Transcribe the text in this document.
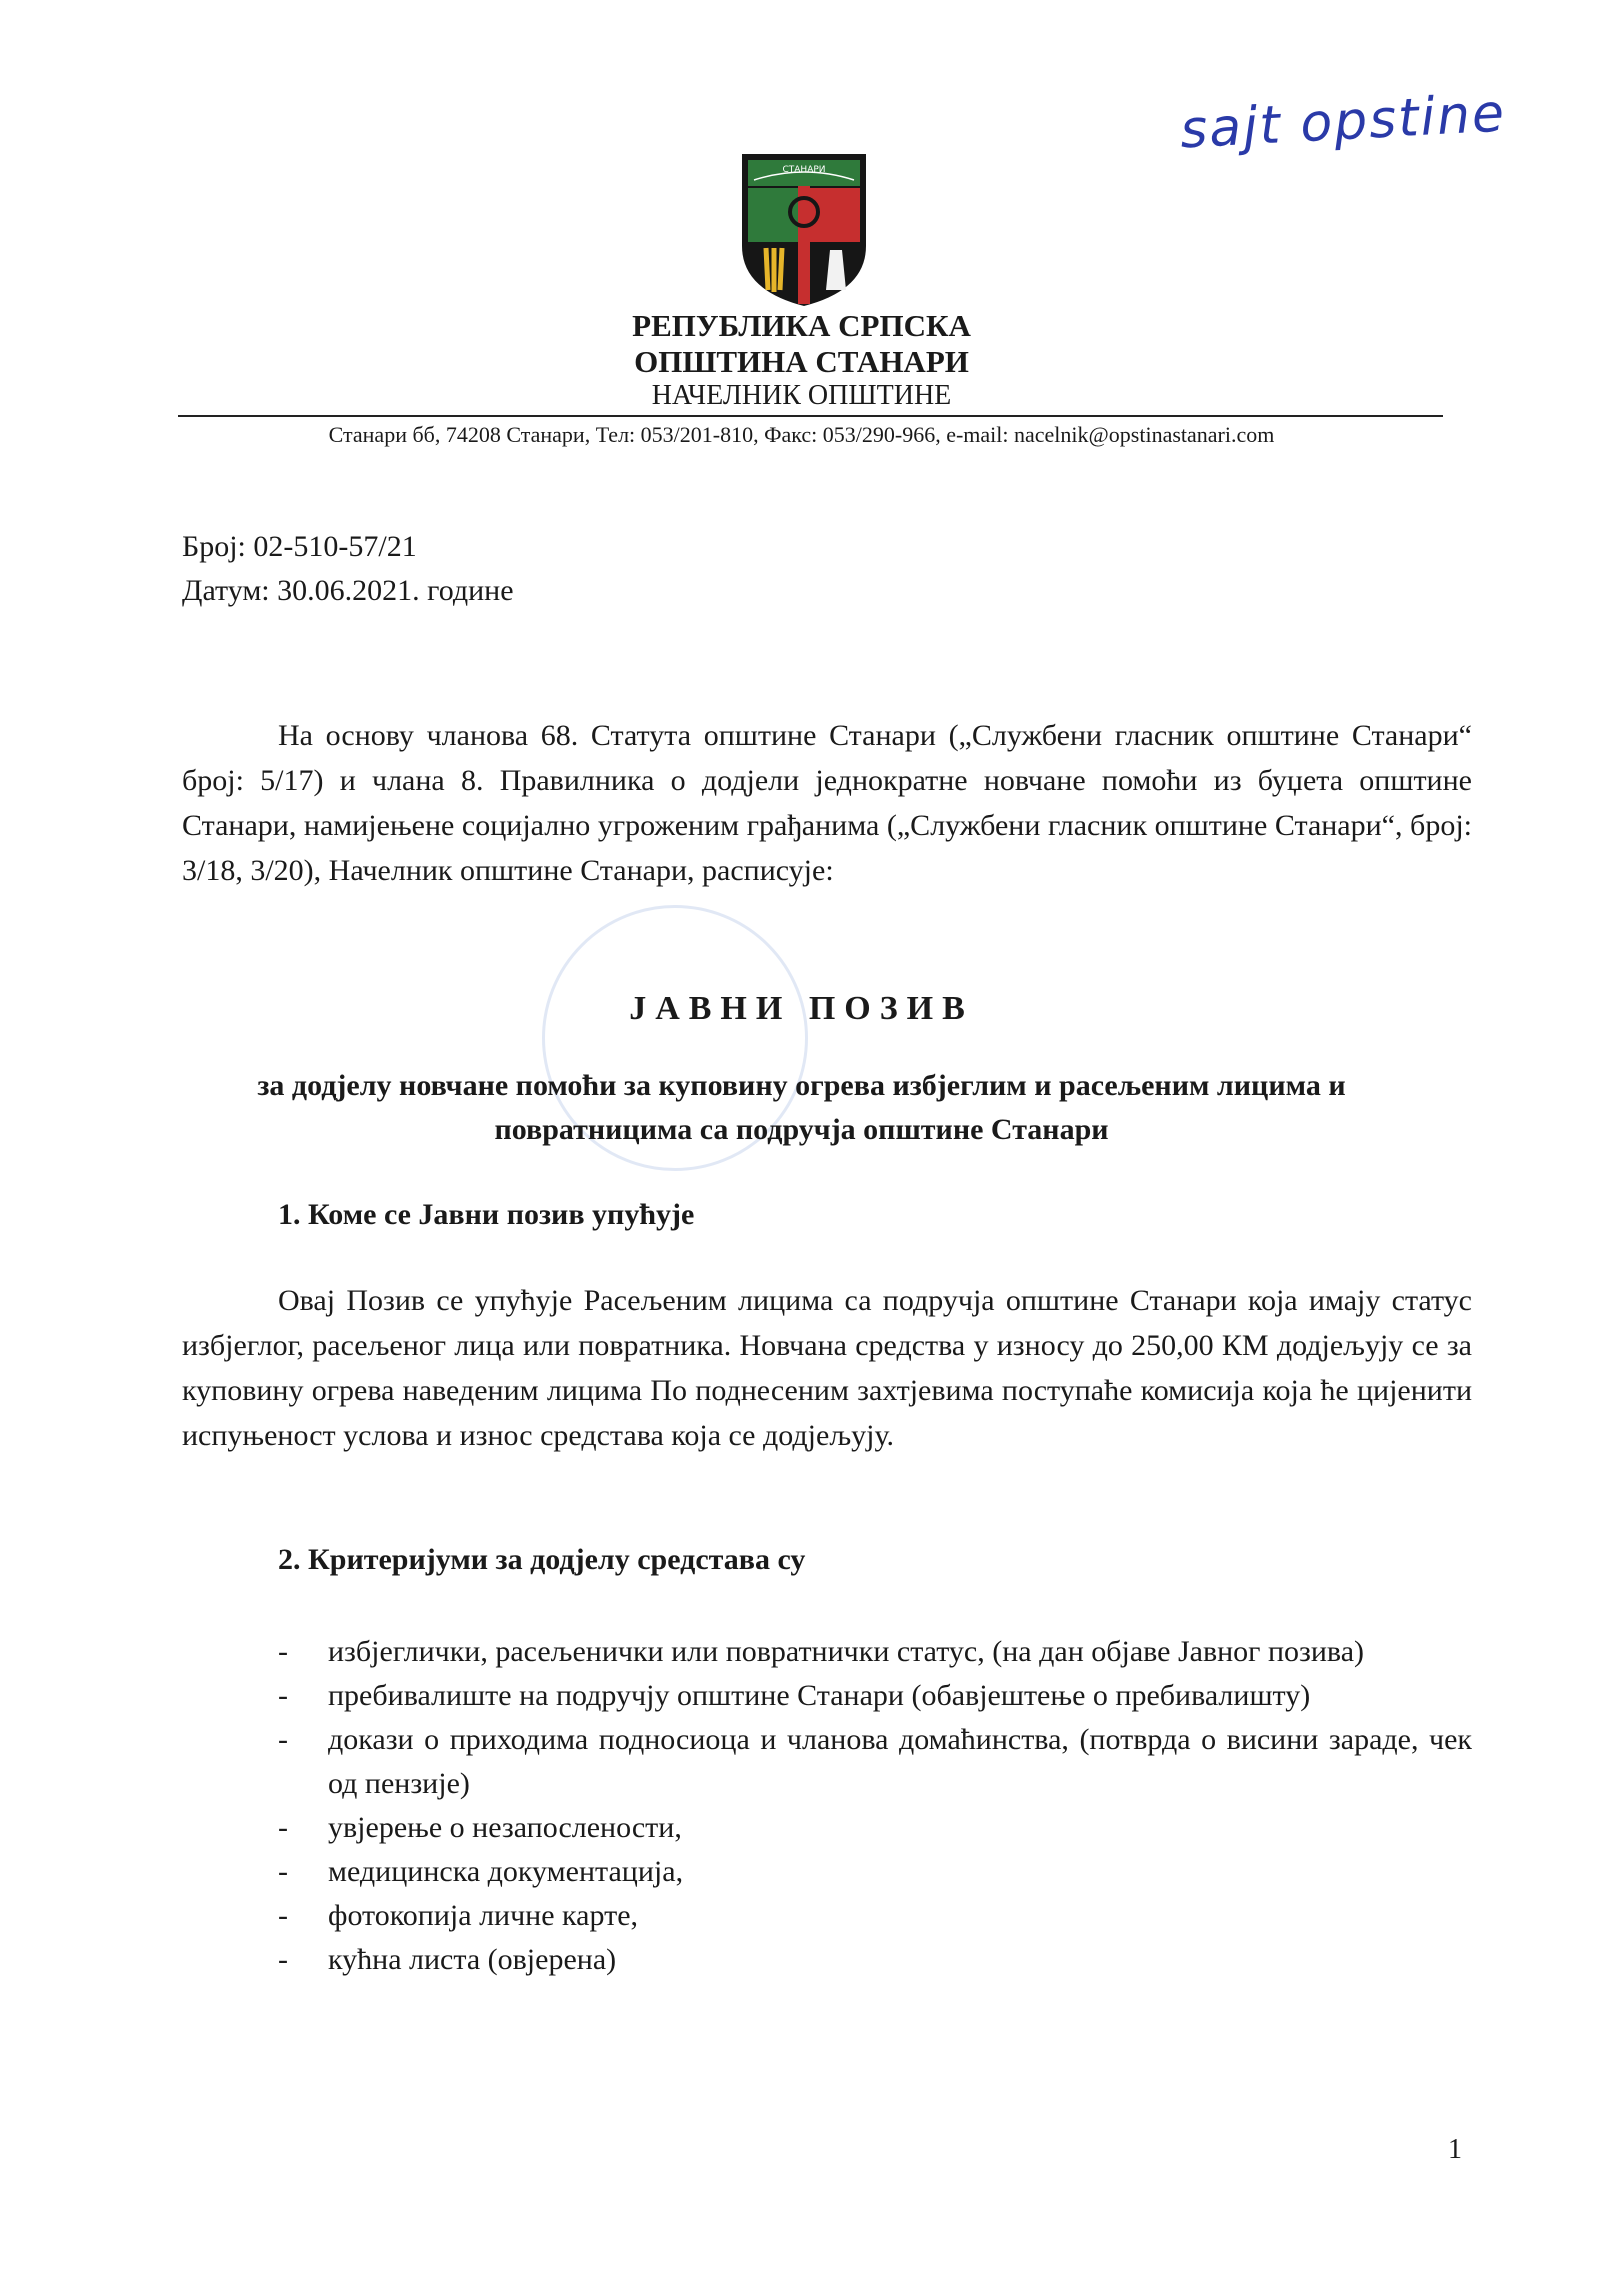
sajt opstine
СТАНАРИ
РЕПУБЛИКА СРПСКА
ОПШТИНА СТАНАРИ
НАЧЕЛНИК ОПШТИНЕ
Станари бб, 74208 Станари, Тел: 053/201-810, Факс: 053/290-966, e-mail: nacelnik@opstinastanari.com
Број: 02-510-57/21
Датум: 30.06.2021. године

На основу чланова 68. Статута општине Станари („Службени гласник општине Станари“ број: 5/17) и члана 8. Правилника о додјели једнократне новчане помоћи из буџета општине Станари, намијењене социјално угроженим грађанима („Службени гласник општине Станари“, број: 3/18, 3/20), Начелник општине Станари, расписује:

ЈАВНИ ПОЗИВ
за додјелу новчане помоћи за куповину огрева избјеглим и расељеним лицима и
повратницима са подручја општине Станари
1. Коме се Јавни позив упућује

Овај Позив се упућује Расељеним лицима са подручја општине Станари која имају статус избјеглог, расељеног лица или повратника. Новчана средства у износу до 250,00 КМ додјељују се за куповину огрева наведеним лицима По поднесеним захтјевима поступаће комисија која ће цијенити испуњеност услова и износ средстава која се додјељују.

2. Критеријуми за додјелу средстава су
- избјеглички, расељенички или повратнички статус, (на дан објаве Јавног позива)
- пребивалиште на подручју општине Станари (обавјештење о пребивалишту)
- докази о приходима подносиоца и чланова домаћинства, (потврда о висини зараде, чек од пензије)
- увјерење о незапослености,
- медицинска документација,
- фотокопија личне карте,
- кућна листа (овјерена)
1
